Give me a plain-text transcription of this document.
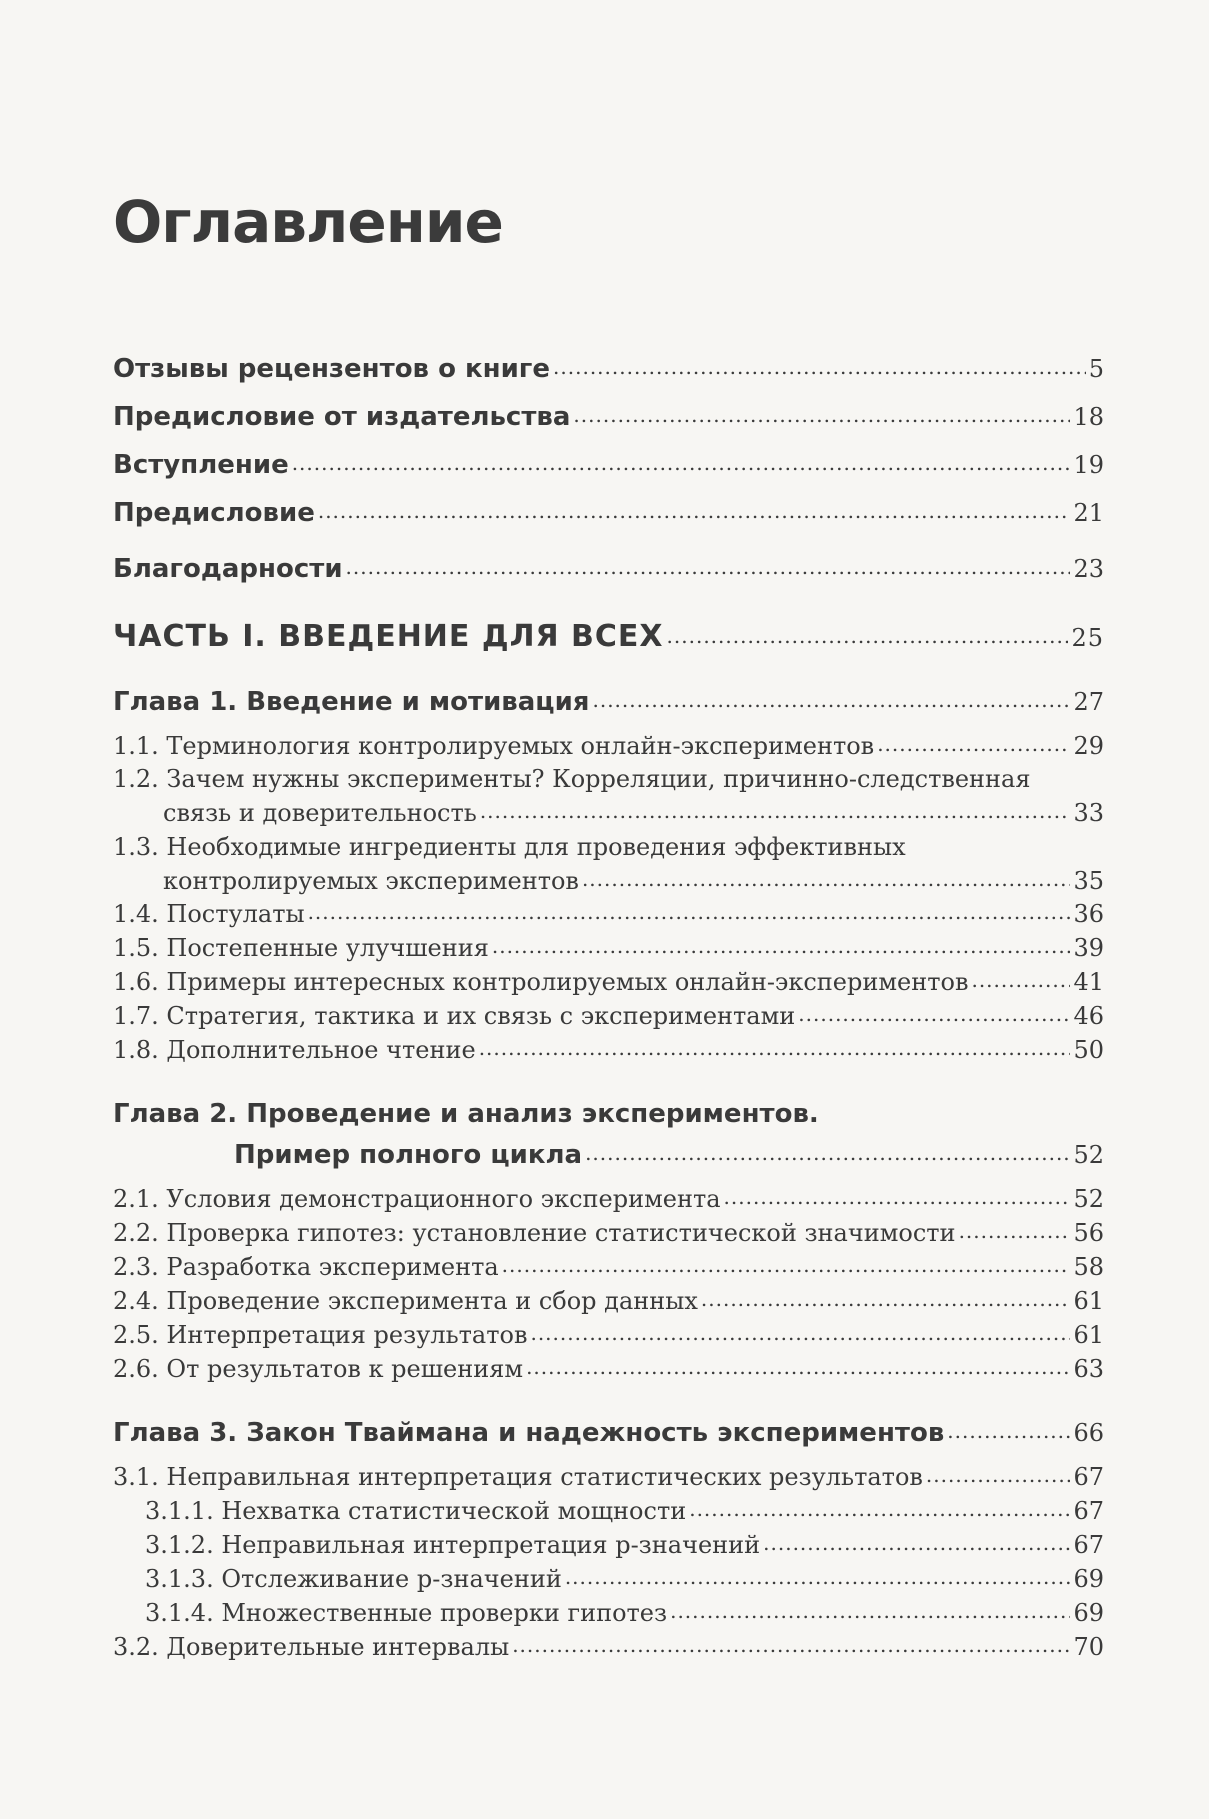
Оглавление
Отзывы рецензентов о книге .....	5
Предисловие от издательства .....	18
Вступление .....	19
Предисловие .....	21
Благодарности .....	23
ЧАСТЬ I. ВВЕДЕНИЕ ДЛЯ ВСЕХ .....	25
Глава 1. Введение и мотивация .....	27
1.1. Терминология контролируемых онлайн-экспериментов .....	29
1.2. Зачем нужны эксперименты? Корреляции, причинно-следственная
связь и доверительность .....	33
1.3. Необходимые ингредиенты для проведения эффективных
контролируемых экспериментов .....	35
1.4. Постулаты .....	36
1.5. Постепенные улучшения .....	39
1.6. Примеры интересных контролируемых онлайн-экспериментов .....	41
1.7. Стратегия, тактика и их связь с экспериментами .....	46
1.8. Дополнительное чтение .....	50
Глава 2. Проведение и анализ экспериментов.
Пример полного цикла .....	52
2.1. Условия демонстрационного эксперимента .....	52
2.2. Проверка гипотез: установление статистической значимости .....	56
2.3. Разработка эксперимента .....	58
2.4. Проведение эксперимента и сбор данных .....	61
2.5. Интерпретация результатов .....	61
2.6. От результатов к решениям .....	63
Глава 3. Закон Тваймана и надежность экспериментов .....	66
3.1. Неправильная интерпретация статистических результатов .....	67
3.1.1. Нехватка статистической мощности .....	67
3.1.2. Неправильная интерпретация p-значений .....	67
3.1.3. Отслеживание p-значений .....	69
3.1.4. Множественные проверки гипотез .....	69
3.2. Доверительные интервалы .....	70
